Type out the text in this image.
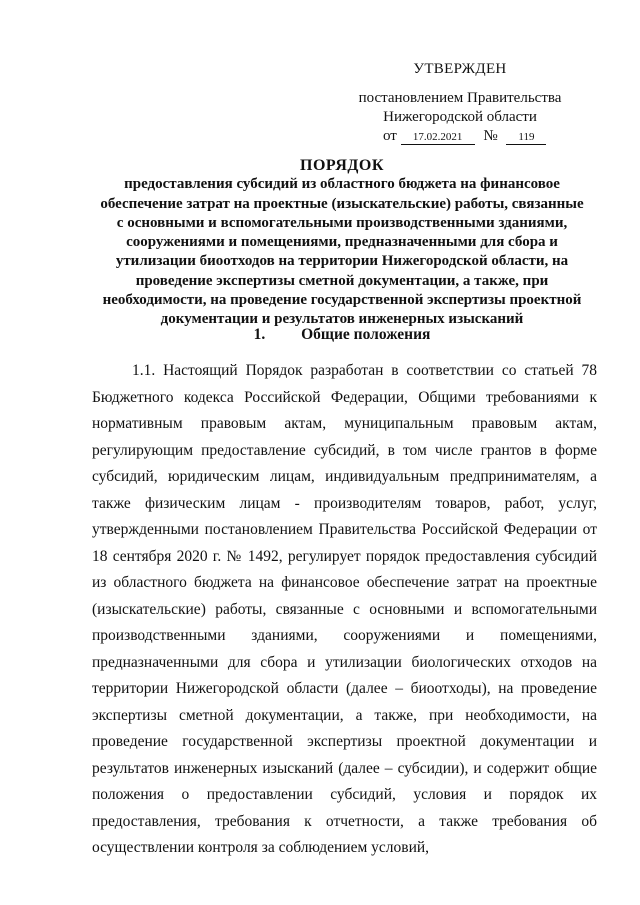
УТВЕРЖДЕН
постановлением Правительства
Нижегородской области
от 17.02.2021 № 119
ПОРЯДОК
предоставления субсидий из областного бюджета на финансовое
обеспечение затрат на проектные (изыскательские) работы, связанные
с основными и вспомогательными производственными зданиями,
сооружениями и помещениями, предназначенными для сбора и
утилизации биоотходов на территории Нижегородской области, на
проведение экспертизы сметной документации, а также, при
необходимости, на проведение государственной экспертизы проектной
документации и результатов инженерных изысканий
1. Общие положения

1.1. Настоящий Порядок разработан в соответствии со статьей 78 Бюджетного кодекса Российской Федерации, Общими требованиями к нормативным правовым актам, муниципальным правовым актам, регулирующим предоставление субсидий, в том числе грантов в форме субсидий, юридическим лицам, индивидуальным предпринимателям, а также физическим лицам - производителям товаров, работ, услуг, утвержденными постановлением Правительства Российской Федерации от 18 сентября 2020 г. № 1492, регулирует порядок предоставления субсидий из областного бюджета на финансовое обеспечение затрат на проектные (изыскательские) работы, связанные с основными и вспомогательными производственными зданиями, сооружениями и помещениями, предназначенными для сбора и утилизации биологических отходов на территории Нижегородской области (далее – биоотходы), на проведение экспертизы сметной документации, а также, при необходимости, на проведение государственной экспертизы проектной документации и результатов инженерных изысканий (далее – субсидии), и содержит общие положения о предоставлении субсидий, условия и порядок их предоставления, требования к отчетности, а также требования об осуществлении контроля за соблюдением условий,
